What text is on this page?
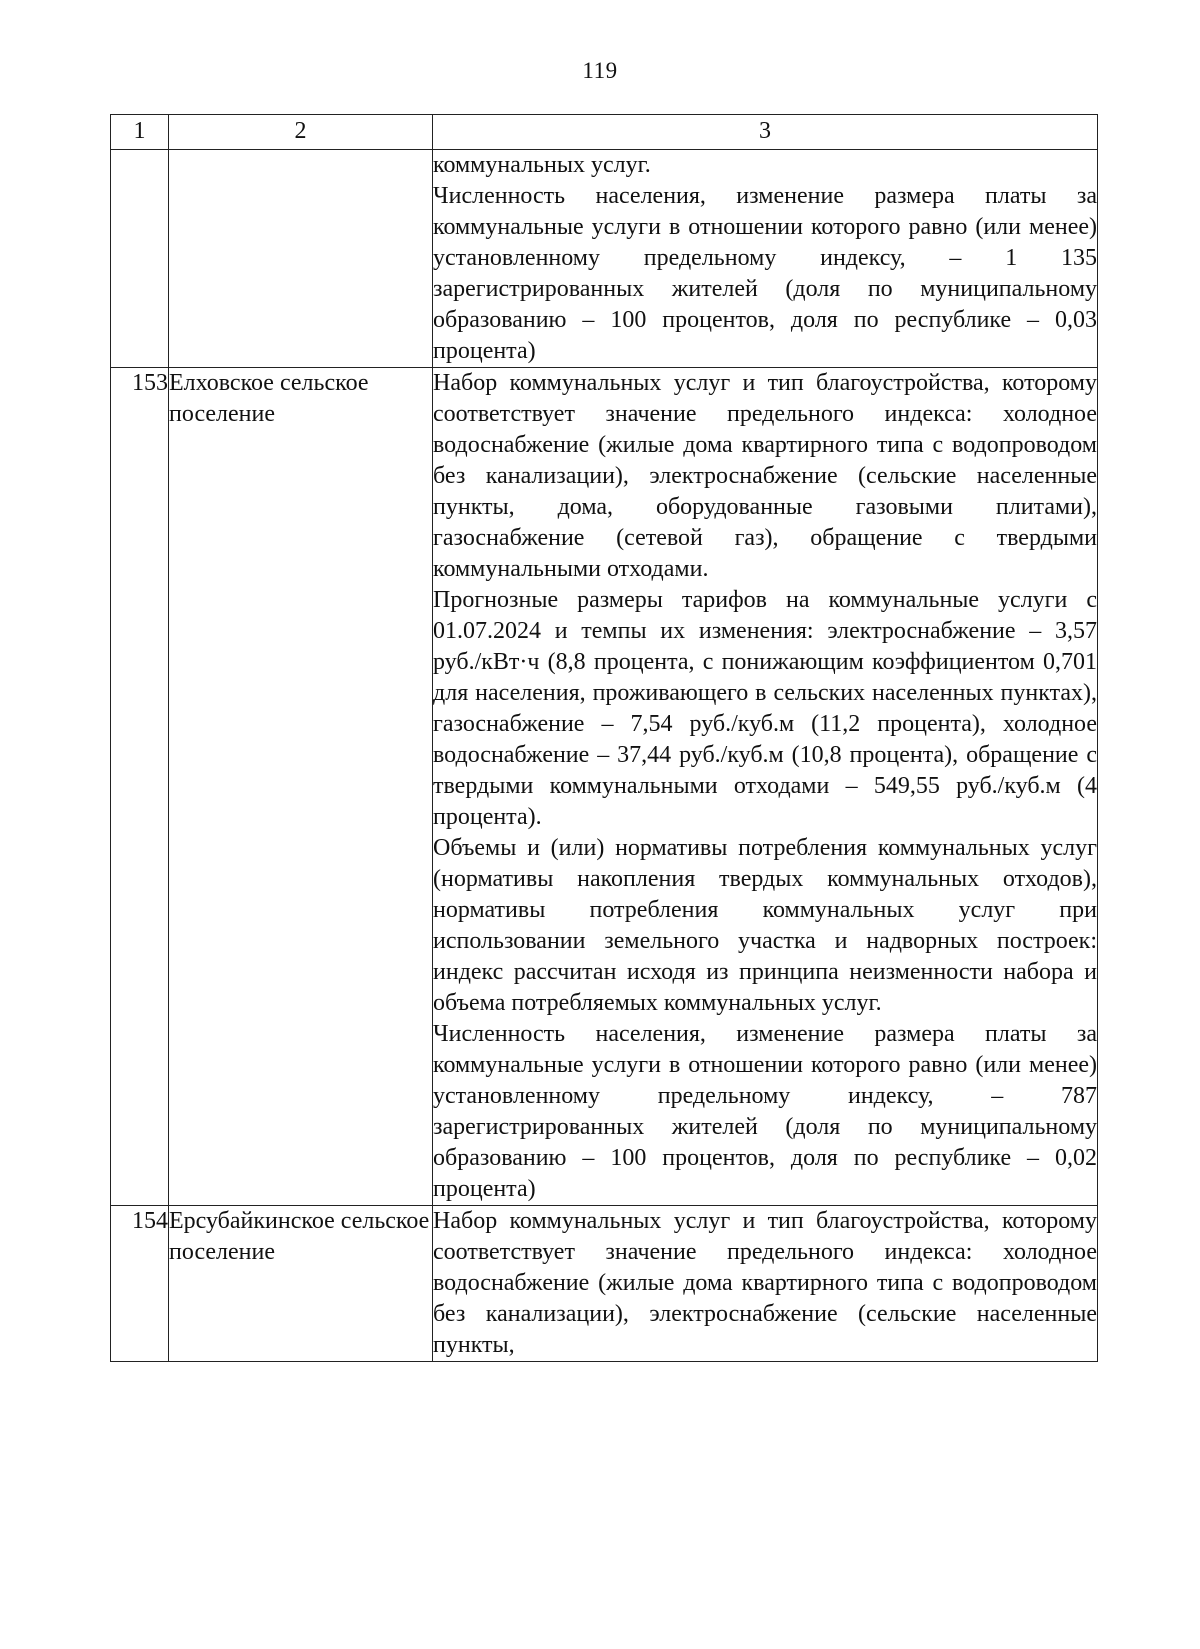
119
1	2	3

		коммунальных услуг.

Численность населения, изменение размера платы за коммунальные услуги в отношении которого равно (или менее) установленному предельному индексу, – 1 135 зарегистрированных жителей (доля по муниципальному образованию – 100 процентов, доля по республике – 0,03 процента)

153	Елховское сельское поселение	Набор коммунальных услуг и тип благоустройства, которому соответствует значение предельного индекса: холодное водоснабжение (жилые дома квартирного типа с водопроводом без канализации), электроснабжение (сельские населенные пункты, дома, оборудованные газовыми плитами), газоснабжение (сетевой газ), обращение с твердыми коммунальными отходами.

Прогнозные размеры тарифов на коммунальные услуги с 01.07.2024 и темпы их изменения: электроснабжение – 3,57 руб./кВт·ч (8,8 процента, с понижающим коэффициентом 0,701 для населения, проживающего в сельских населенных пунктах), газоснабжение – 7,54 руб./куб.м (11,2 процента), холодное водоснабжение – 37,44 руб./куб.м (10,8 процента), обращение с твердыми коммунальными отходами – 549,55 руб./куб.м (4 процента).

Объемы и (или) нормативы потребления коммунальных услуг (нормативы накопления твердых коммунальных отходов), нормативы потребления коммунальных услуг при использовании земельного участка и надворных построек: индекс рассчитан исходя из принципа неизменности набора и объема потребляемых коммунальных услуг.

Численность населения, изменение размера платы за коммунальные услуги в отношении которого равно (или менее) установленному предельному индексу, – 787 зарегистрированных жителей (доля по муниципальному образованию – 100 процентов, доля по республике – 0,02 процента)

154	Ерсубайкинское сельское поселение	Набор коммунальных услуг и тип благоустройства, которому соответствует значение предельного индекса: холодное водоснабжение (жилые дома квартирного типа с водопроводом без канализации), электроснабжение (сельские населенные пункты,
